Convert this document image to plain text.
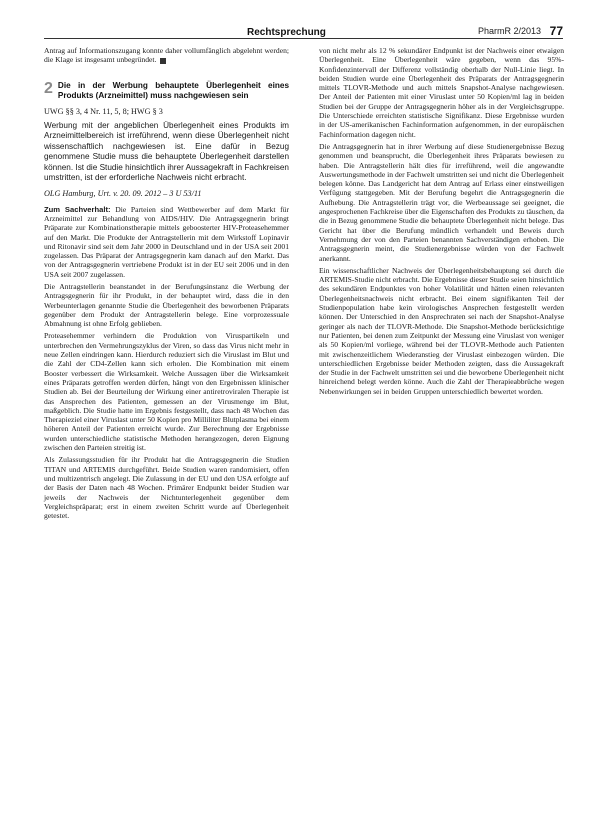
Rechtsprechung	PharmR 2/2013 77

Antrag auf Informationszugang konnte daher vollumfänglich abgelehnt werden; die Klage ist insgesamt unbegründet.

2 Die in der Werbung behauptete Überlegenheit eines Produkts (Arzneimittel) muss nachgewiesen sein
UWG §§ 3, 4 Nr. 11, 5, 8; HWG § 3
Werbung mit der angeblichen Überlegenheit eines Produkts im Arzneimittelbereich ist irreführend, wenn diese Überlegenheit nicht wissenschaftlich nachgewiesen ist. Eine dafür in Bezug genommene Studie muss die behauptete Überlegenheit darstellen können. Ist die Studie hinsichtlich ihrer Aussagekraft in Fachkreisen umstritten, ist der erforderliche Nachweis nicht erbracht.
OLG Hamburg, Urt. v. 20. 09. 2012 – 3 U 53/11

Zum Sachverhalt: Die Parteien sind Wettbewerber auf dem Markt für Arzneimittel zur Behandlung von AIDS/HIV. Die Antragsgegnerin bringt Präparate zur Kombinationstherapie mittels geboosterter HIV-Proteasehemmer auf den Markt. Die Produkte der Antragstellerin mit dem Wirkstoff Lopinavir und Ritonavir sind seit dem Jahr 2000 in Deutschland und in der USA seit 2001 zugelassen. Das Präparat der Antragsgegnerin kam danach auf den Markt. Das von der Antragsgegnerin vertriebene Produkt ist in der EU seit 2006 und in den USA seit 2007 zugelassen.

Die Antragstellerin beanstandet in der Berufungsinstanz die Werbung der Antragsgegnerin für ihr Produkt, in der behauptet wird, dass die in den Werbeunterlagen genannte Studie die Überlegenheit des beworbenen Präparats gegenüber dem Produkt der Antragstellerin belege. Eine vorprozessuale Abmahnung ist ohne Erfolg geblieben.

Proteasehemmer verhindern die Produktion von Viruspartikeln und unterbrechen den Vermehrungszyklus der Viren, so dass das Virus nicht mehr in neue Zellen eindringen kann. Hierdurch reduziert sich die Viruslast im Blut und die Zahl der CD4-Zellen kann sich erholen. Die Kombination mit einem Booster verbessert die Wirksamkeit. Welche Aussagen über die Wirksamkeit eines Präparats getroffen werden dürfen, hängt von den Ergebnissen klinischer Studien ab. Bei der Beurteilung der Wirkung einer antiretroviralen Therapie ist das Ansprechen des Patienten, gemessen an der Virusmenge im Blut, maßgeblich. Die Studie hatte im Ergebnis festgestellt, dass nach 48 Wochen das Therapieziel einer Viruslast unter 50 Kopien pro Milliliter Blutplasma bei einem höheren Anteil der Patienten erreicht wurde. Zur Berechnung der Ergebnisse wurden unterschiedliche statistische Methoden herangezogen, deren Eignung zwischen den Parteien streitig ist.

Als Zulassungsstudien für ihr Produkt hat die Antragsgegnerin die Studien TITAN und ARTEMIS durchgeführt. Beide Studien waren randomisiert, offen und multizentrisch angelegt. Die Zulassung in der EU und den USA erfolgte auf der Basis der Daten nach 48 Wochen. Primärer Endpunkt beider Studien war jeweils der Nachweis der Nichtunterlegenheit gegenüber dem Vergleichspräparat; erst in einem zweiten Schritt wurde auf Überlegenheit getestet.

von nicht mehr als 12 % sekundärer Endpunkt ist der Nachweis einer etwaigen Überlegenheit. Eine Überlegenheit wäre gegeben, wenn das 95%-Konfidenzintervall der Differenz vollständig oberhalb der Null-Linie liegt. In beiden Studien wurde eine Überlegenheit des Präparats der Antragsgegnerin mittels TLOVR-Methode und auch mittels Snapshot-Analyse nachgewiesen. Der Anteil der Patienten mit einer Viruslast unter 50 Kopien/ml lag in beiden Studien bei der Gruppe der Antragsgegnerin höher als in der Vergleichsgruppe. Die Unterschiede erreichten statistische Signifikanz. Diese Ergebnisse wurden in der US-amerikanischen Fachinformation aufgenommen, in der europäischen Fachinformation dagegen nicht.

Die Antragsgegnerin hat in ihrer Werbung auf diese Studienergebnisse Bezug genommen und beansprucht, die Überlegenheit ihres Präparats bewiesen zu haben. Die Antragstellerin hält dies für irreführend, weil die angewandte Auswertungsmethode in der Fachwelt umstritten sei und nicht die Überlegenheit belegen könne. Das Landgericht hat dem Antrag auf Erlass einer einstweiligen Verfügung stattgegeben. Mit der Berufung begehrt die Antragsgegnerin die Aufhebung. Die Antragstellerin trägt vor, die Werbeaussage sei geeignet, die angesprochenen Fachkreise über die Eigenschaften des Produkts zu täuschen, da die in Bezug genommene Studie die behauptete Überlegenheit nicht belege. Das Gericht hat über die Berufung mündlich verhandelt und Beweis durch Vernehmung der von den Parteien benannten Sachverständigen erhoben. Die Antragsgegnerin meint, die Studienergebnisse würden von der Fachwelt anerkannt.

Ein wissenschaftlicher Nachweis der Überlegenheitsbehauptung sei durch die ARTEMIS-Studie nicht erbracht. Die Ergebnisse dieser Studie seien hinsichtlich des sekundären Endpunktes von hoher Volatilität und hätten einen relevanten Überlegenheitsnachweis nicht erbracht. Bei einem signifikanten Teil der Studienpopulation habe kein virologisches Ansprechen festgestellt werden können. Der Unterschied in den Ansprechraten sei nach der Snapshot-Analyse geringer als nach der TLOVR-Methode. Die Snapshot-Methode berücksichtige nur Patienten, bei denen zum Zeitpunkt der Messung eine Viruslast von weniger als 50 Kopien/ml vorliege, während bei der TLOVR-Methode auch Patienten mit zwischenzeitlichem Wiederanstieg der Viruslast einbezogen würden. Die unterschiedlichen Ergebnisse beider Methoden zeigten, dass die Aussagekraft der Studie in der Fachwelt umstritten sei und die beworbene Überlegenheit nicht hinreichend belegt werden könne. Auch die Zahl der Therapieabbrüche wegen Nebenwirkungen sei in beiden Gruppen unterschiedlich bewertet worden.
